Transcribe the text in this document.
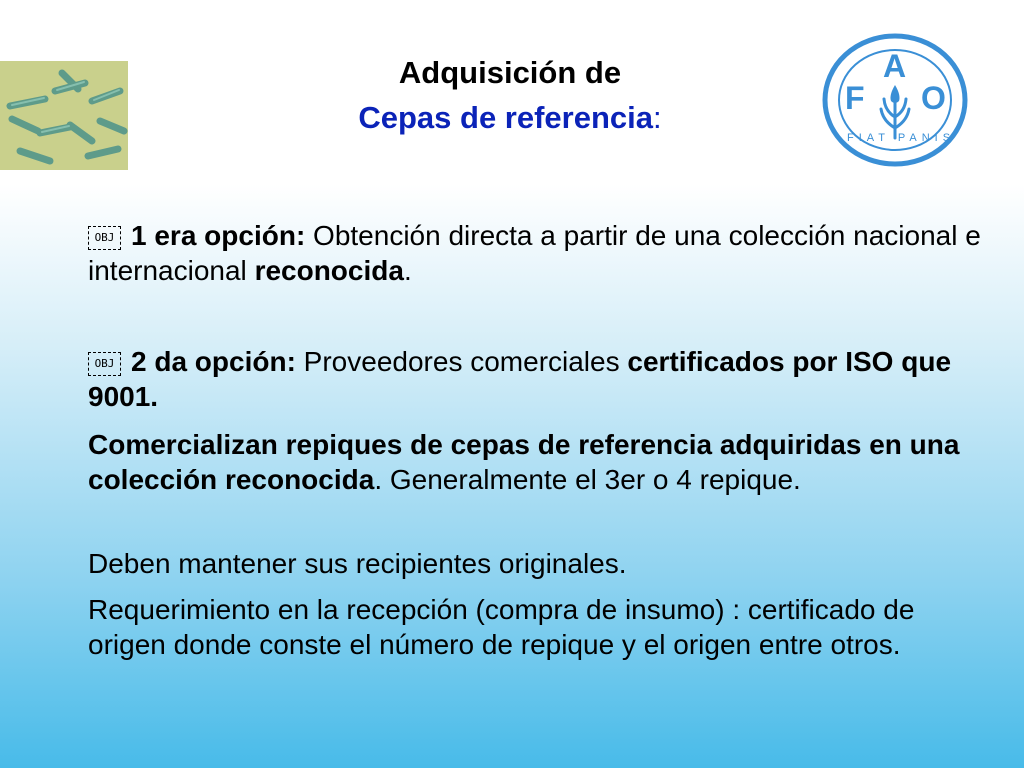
Adquisición de
Cepas de referencia:
F
A
O
FIAT PANIS
OBJ 1 era opción: Obtención directa a partir de una colección nacional e internacional reconocida.
OBJ 2 da opción: Proveedores comerciales certificados por ISO que 9001.
Comercializan repiques de cepas de referencia adquiridas en una colección reconocida. Generalmente el 3er o 4 repique.
Deben mantener sus recipientes originales.
Requerimiento en la recepción (compra de insumo) : certificado de origen donde conste el número de repique y el origen entre otros.
